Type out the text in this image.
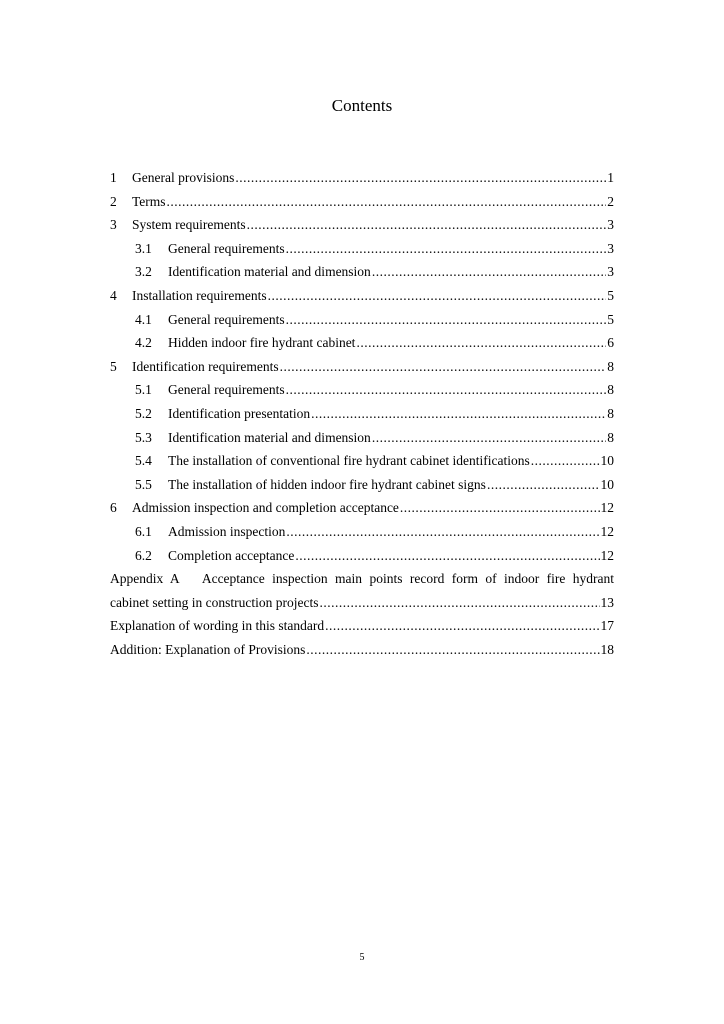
Contents
1	General provisions .....	1
2	Terms .....	2
3	System requirements .....	3
3.1	General requirements .....	3
3.2	Identification material and dimension .....	3
4	Installation requirements .....	5
4.1	General requirements .....	5
4.2	Hidden indoor fire hydrant cabinet .....	6
5	Identification requirements .....	8
5.1	General requirements .....	8
5.2	Identification presentation .....	8
5.3	Identification material and dimension .....	8
5.4	The installation of conventional fire hydrant cabinet identifications .....	10
5.5	The installation of hidden indoor fire hydrant cabinet signs .....	10
6	Admission inspection and completion acceptance .....	12
6.1	Admission inspection .....	12
6.2	Completion acceptance .....	12
Appendix A   Acceptance inspection main points record form of indoor fire hydrant
cabinet setting in construction projects .....	13
Explanation of wording in this standard .....	17
Addition: Explanation of Provisions .....	18
5
